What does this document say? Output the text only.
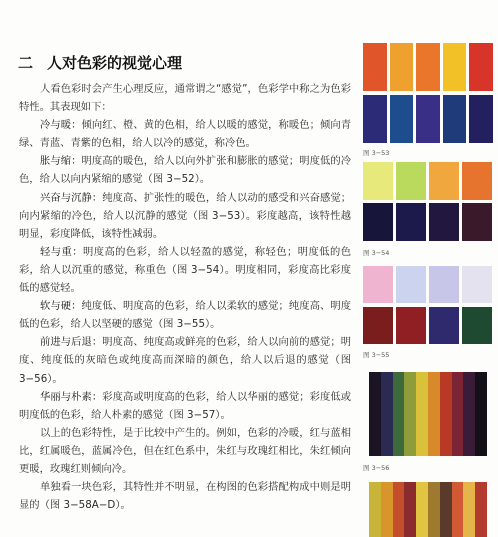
二 人对色彩的视觉心理

人看色彩时会产生心理反应，通常谓之“感觉”，色彩学中称之为色彩特性。其表现如下：

冷与暖：倾向红、橙、黄的色相，给人以暖的感觉，称暖色；倾向青绿、青蓝、青紫的色相，给人以冷的感觉，称冷色。

胀与缩：明度高的暖色，给人以向外扩张和膨胀的感觉；明度低的冷色，给人以向内紧缩的感觉（图 3−52）。

兴奋与沉静：纯度高、扩张性的暖色，给人以动的感受和兴奋感觉；向内紧缩的冷色，给人以沉静的感觉（图 3−53）。彩度越高，该特性越明显，彩度降低，该特性减弱。

轻与重：明度高的色彩，给人以轻盈的感觉，称轻色；明度低的色彩，给人以沉重的感觉，称重色（图 3−54）。明度相同，彩度高比彩度低的感觉轻。

软与硬：纯度低、明度高的色彩，给人以柔软的感觉；纯度高、明度低的色彩，给人以坚硬的感觉（图 3−55）。

前进与后退：明度高、纯度高或鲜亮的色彩，给人以向前的感觉；明度、纯度低的灰暗色或纯度高而深暗的颜色，给人以后退的感觉（图 3−56）。

华丽与朴素：彩度高或明度高的色彩，给人以华丽的感觉；彩度低或明度低的色彩，给人朴素的感觉（图 3−57）。

以上的色彩特性，是于比较中产生的。例如，色彩的冷暖，红与蓝相比，红属暖色，蓝属冷色，但在红色系中，朱红与玫瑰红相比，朱红倾向更暖，玫瑰红则倾向冷。

单独看一块色彩，其特性并不明显，在构图的色彩搭配构成中则是明显的（图 3−58A−D）。

图 3−53
图 3−54
图 3−55
图 3−56
